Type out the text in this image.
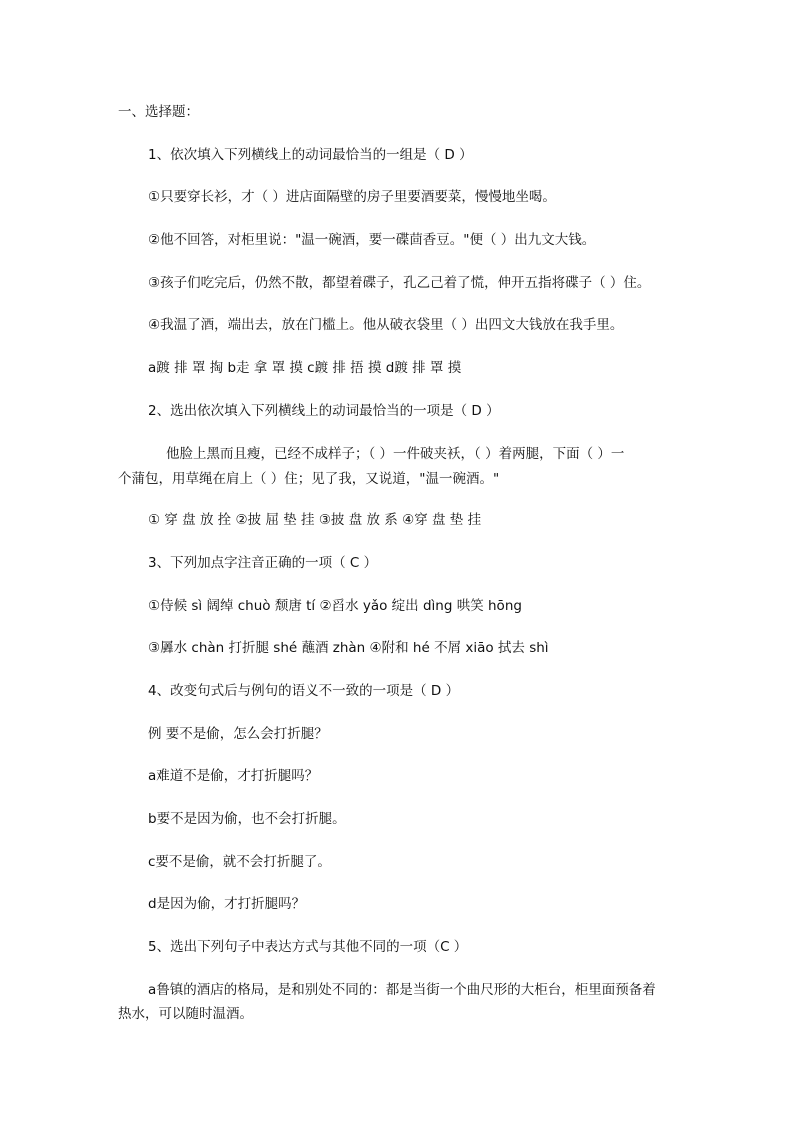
一、选择题：

1、依次填入下列横线上的动词最恰当的一组是（ D ）

①只要穿长衫，才（ ）进店面隔壁的房子里要酒要菜，慢慢地坐喝。

②他不回答，对柜里说："温一碗酒，要一碟茴香豆。"便（ ）出九文大钱。

③孩子们吃完后，仍然不散，都望着碟子，孔乙己着了慌，伸开五指将碟子（ ）住。

④我温了酒，端出去，放在门槛上。他从破衣袋里（ ）出四文大钱放在我手里。

a踱 排 罩 掏 b走 拿 罩 摸 c踱 排 捂 摸 d踱 排 罩 摸

2、选出依次填入下列横线上的动词最恰当的一项是（ D ）

他脸上黑而且瘦，已经不成样子；（ ）一件破夹袄，（ ）着两腿，下面（ ）一

个蒲包，用草绳在肩上（ ）住；见了我，又说道，"温一碗酒。"

① 穿 盘 放 拴 ②披 屈 垫 挂 ③披 盘 放 系 ④穿 盘 垫 挂

3、下列加点字注音正确的一项（ C ）

①侍候 sì 阔绰 chuò 颓唐 tí ②舀水 yǎo 绽出 dìng 哄笑 hōng

③羼水 chàn 打折腿 shé 蘸酒 zhàn ④附和 hé 不屑 xiāo 拭去 shì

4、改变句式后与例句的语义不一致的一项是（ D ）

例 要不是偷，怎么会打折腿？

a难道不是偷，才打折腿吗？

b要不是因为偷，也不会打折腿。

c要不是偷，就不会打折腿了。

d是因为偷，才打折腿吗？

5、选出下列句子中表达方式与其他不同的一项（C ）

a鲁镇的酒店的格局，是和别处不同的：都是当街一个曲尺形的大柜台，柜里面预备着

热水，可以随时温酒。
